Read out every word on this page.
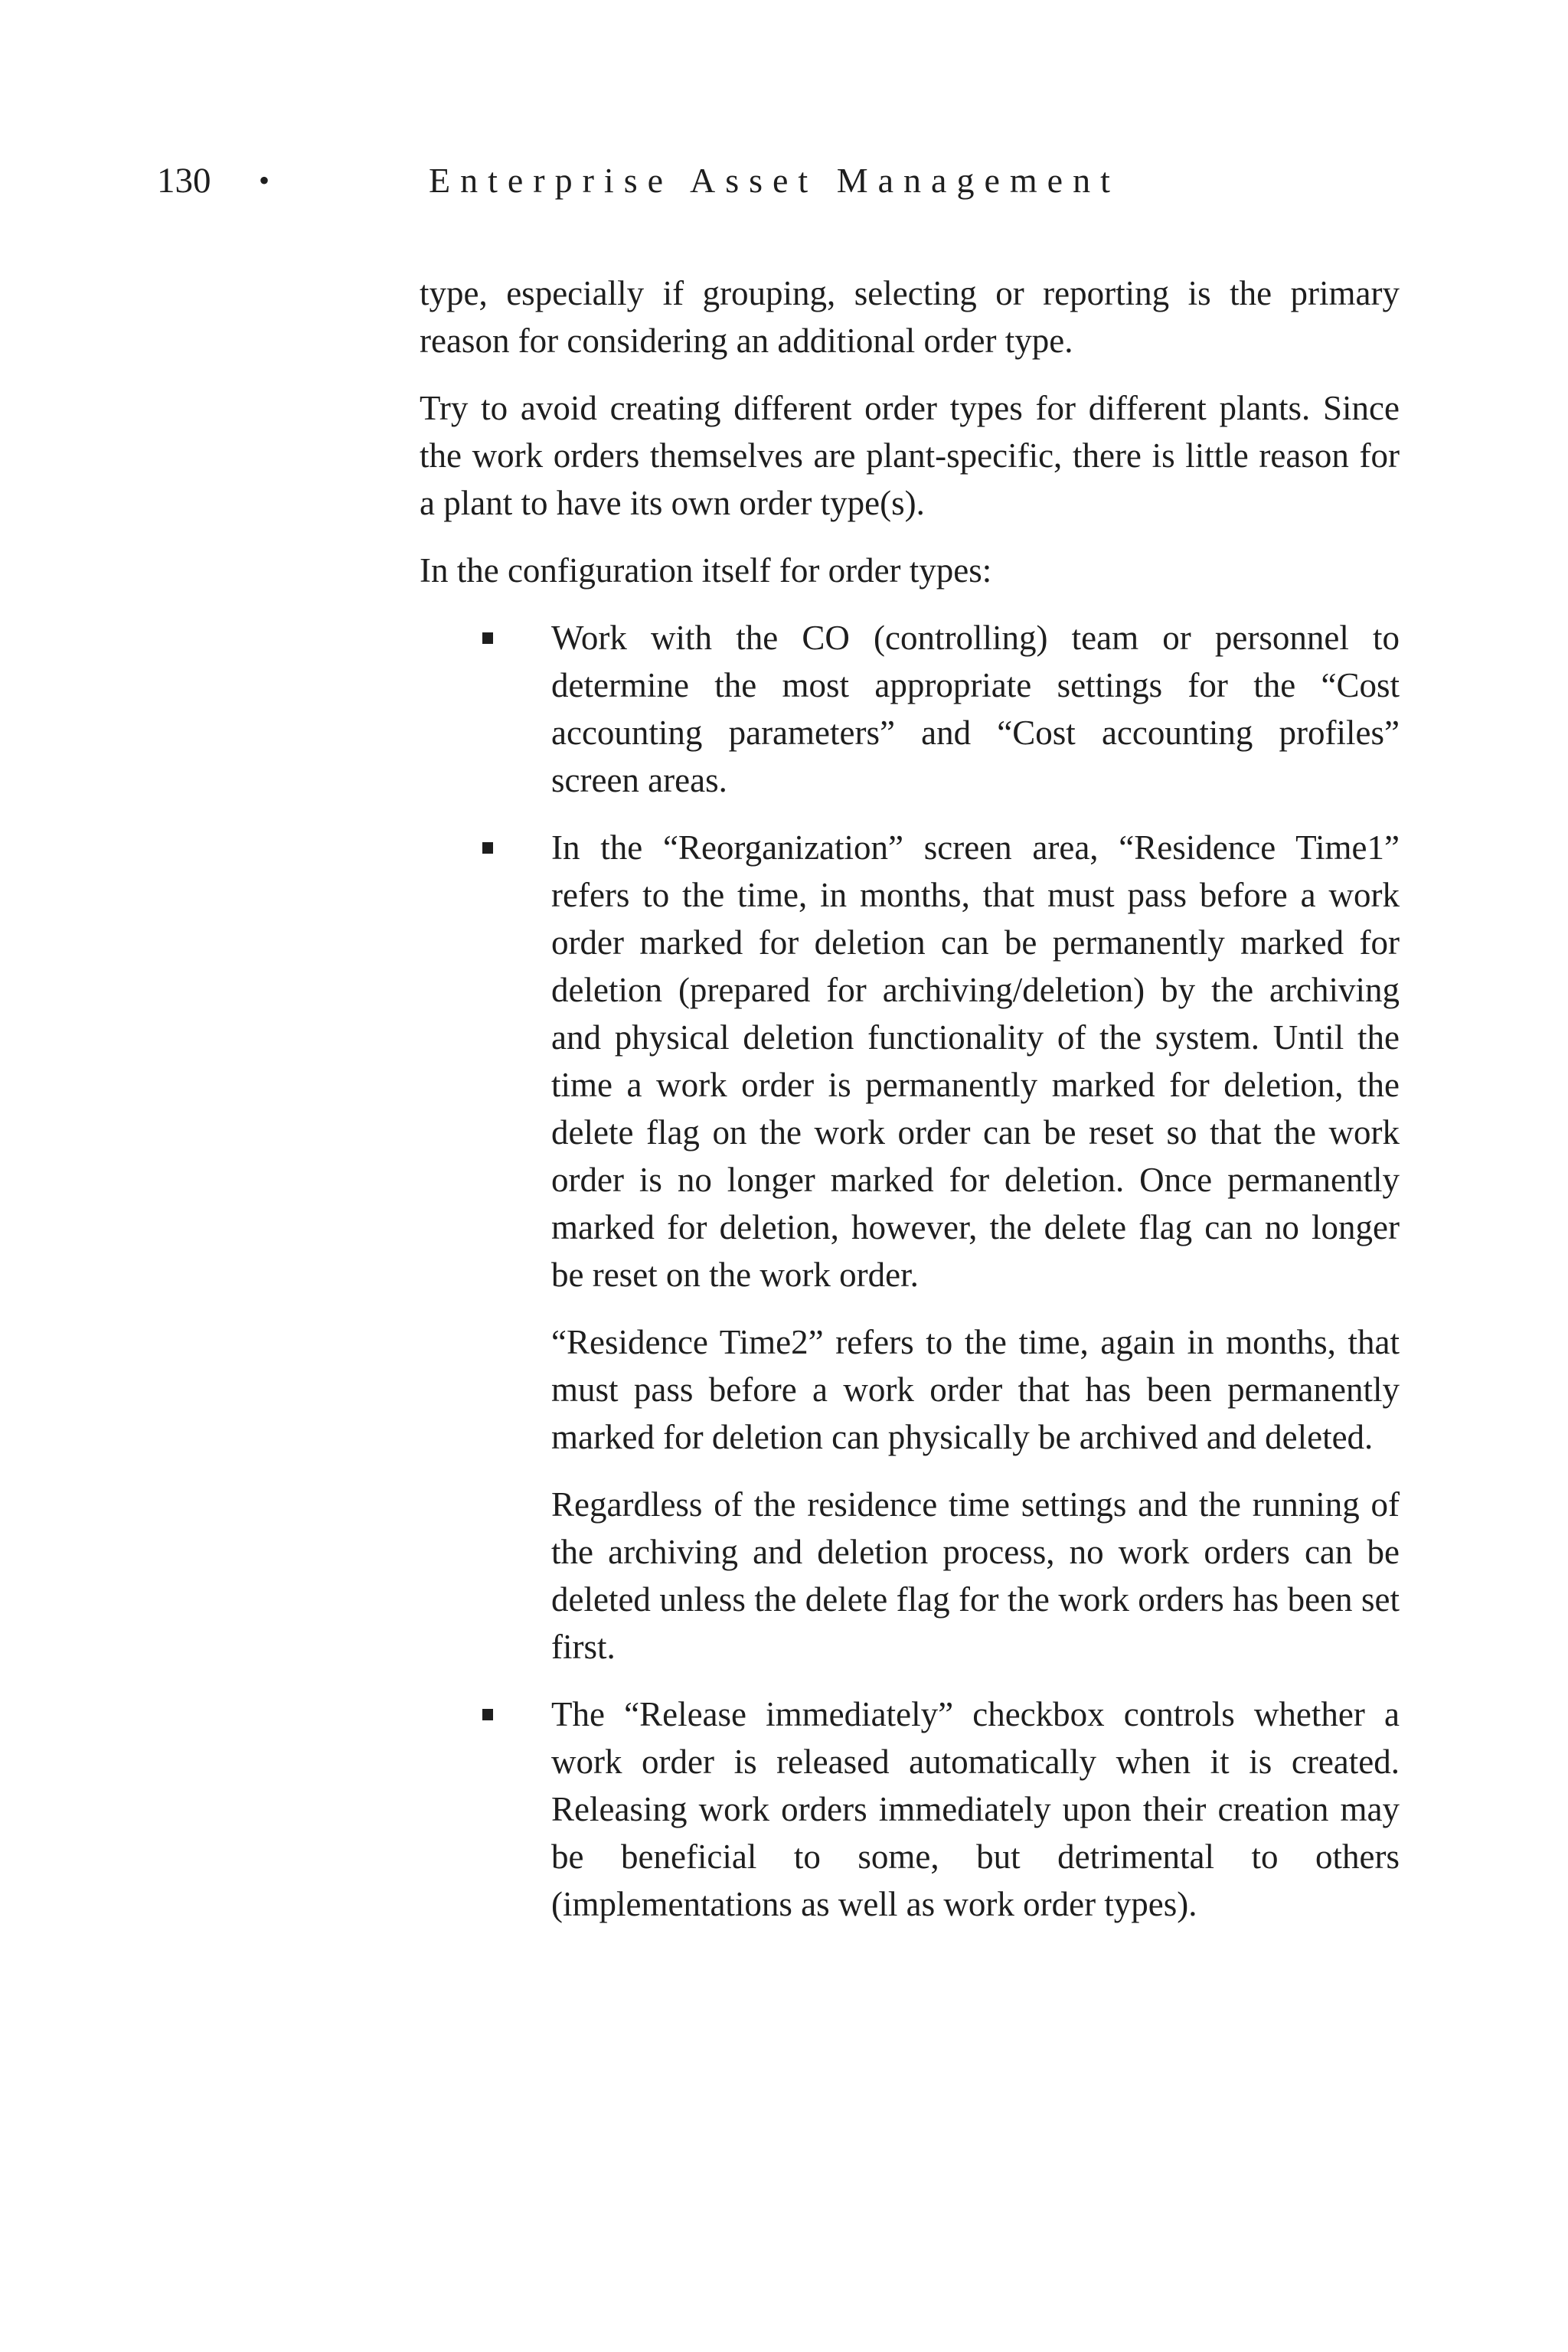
130 •	Enterprise Asset Management

type, especially if grouping, selecting or reporting is the primary reason for considering an additional order type.

Try to avoid creating different order types for different plants. Since the work orders themselves are plant-specific, there is little reason for a plant to have its own order type(s).

In the configuration itself for order types:

Work with the CO (controlling) team or personnel to determine the most appropriate settings for the “Cost accounting parameters” and “Cost accounting profiles” screen areas.

In the “Reorganization” screen area, “Residence Time1” refers to the time, in months, that must pass before a work order marked for deletion can be permanently marked for deletion (prepared for archiving/deletion) by the archiving and physical deletion functionality of the system. Until the time a work order is permanently marked for deletion, the delete flag on the work order can be reset so that the work order is no longer marked for deletion. Once permanently marked for deletion, however, the delete flag can no longer be reset on the work order.

“Residence Time2” refers to the time, again in months, that must pass before a work order that has been permanently marked for deletion can physically be archived and deleted.

Regardless of the residence time settings and the running of the archiving and deletion process, no work orders can be deleted unless the delete flag for the work orders has been set first.

The “Release immediately” checkbox controls whether a work order is released automatically when it is created. Releasing work orders immediately upon their creation may be beneficial to some, but detrimental to others (implementations as well as work order types).
